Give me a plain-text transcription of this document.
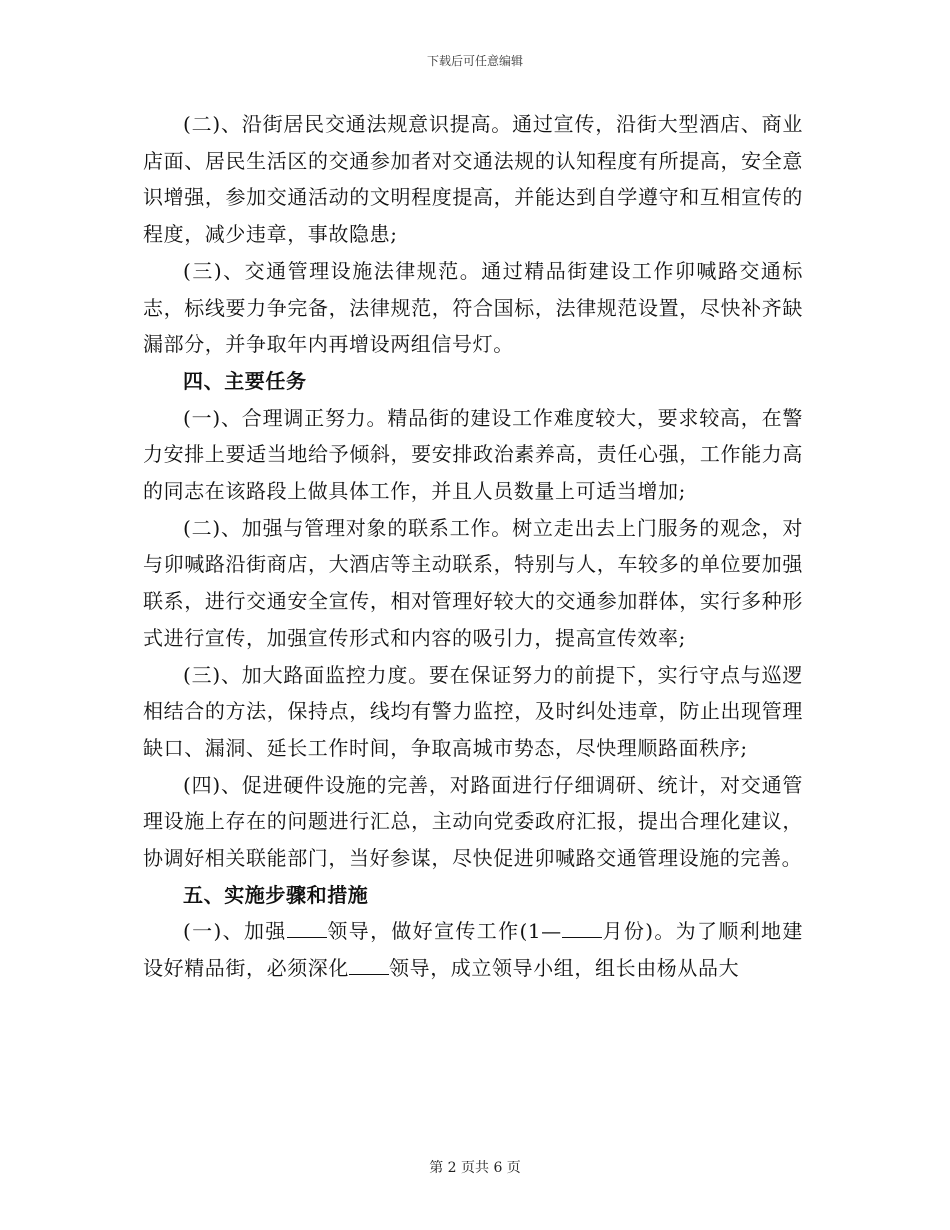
下载后可任意编辑

(二)、沿街居民交通法规意识提高。通过宣传，沿街大型酒店、商业店面、居民生活区的交通参加者对交通法规的认知程度有所提高，安全意识增强，参加交通活动的文明程度提高，并能达到自学遵守和互相宣传的程度，减少违章，事故隐患;

(三)、交通管理设施法律规范。通过精品街建设工作卯喊路交通标志，标线要力争完备，法律规范，符合国标，法律规范设置，尽快补齐缺漏部分，并争取年内再增设两组信号灯。

四、主要任务

(一)、合理调正努力。精品街的建设工作难度较大，要求较高，在警力安排上要适当地给予倾斜，要安排政治素养高，责任心强，工作能力高的同志在该路段上做具体工作，并且人员数量上可适当增加;

(二)、加强与管理对象的联系工作。树立走出去上门服务的观念，对与卯喊路沿街商店，大酒店等主动联系，特别与人，车较多的单位要加强联系，进行交通安全宣传，相对管理好较大的交通参加群体，实行多种形式进行宣传，加强宣传形式和内容的吸引力，提高宣传效率;

(三)、加大路面监控力度。要在保证努力的前提下，实行守点与巡逻相结合的方法，保持点，线均有警力监控，及时纠处违章，防止出现管理缺口、漏洞、延长工作时间，争取高城市势态，尽快理顺路面秩序;

(四)、促进硬件设施的完善，对路面进行仔细调研、统计，对交通管理设施上存在的问题进行汇总，主动向党委政府汇报，提出合理化建议，协调好相关联能部门，当好参谋，尽快促进卯喊路交通管理设施的完善。

五、实施步骤和措施

(一)、加强 领导，做好宣传工作(1— 月份)。为了顺利地建设好精品街，必须深化 领导，成立领导小组，组长由杨从品大

第 2 页共 6 页
